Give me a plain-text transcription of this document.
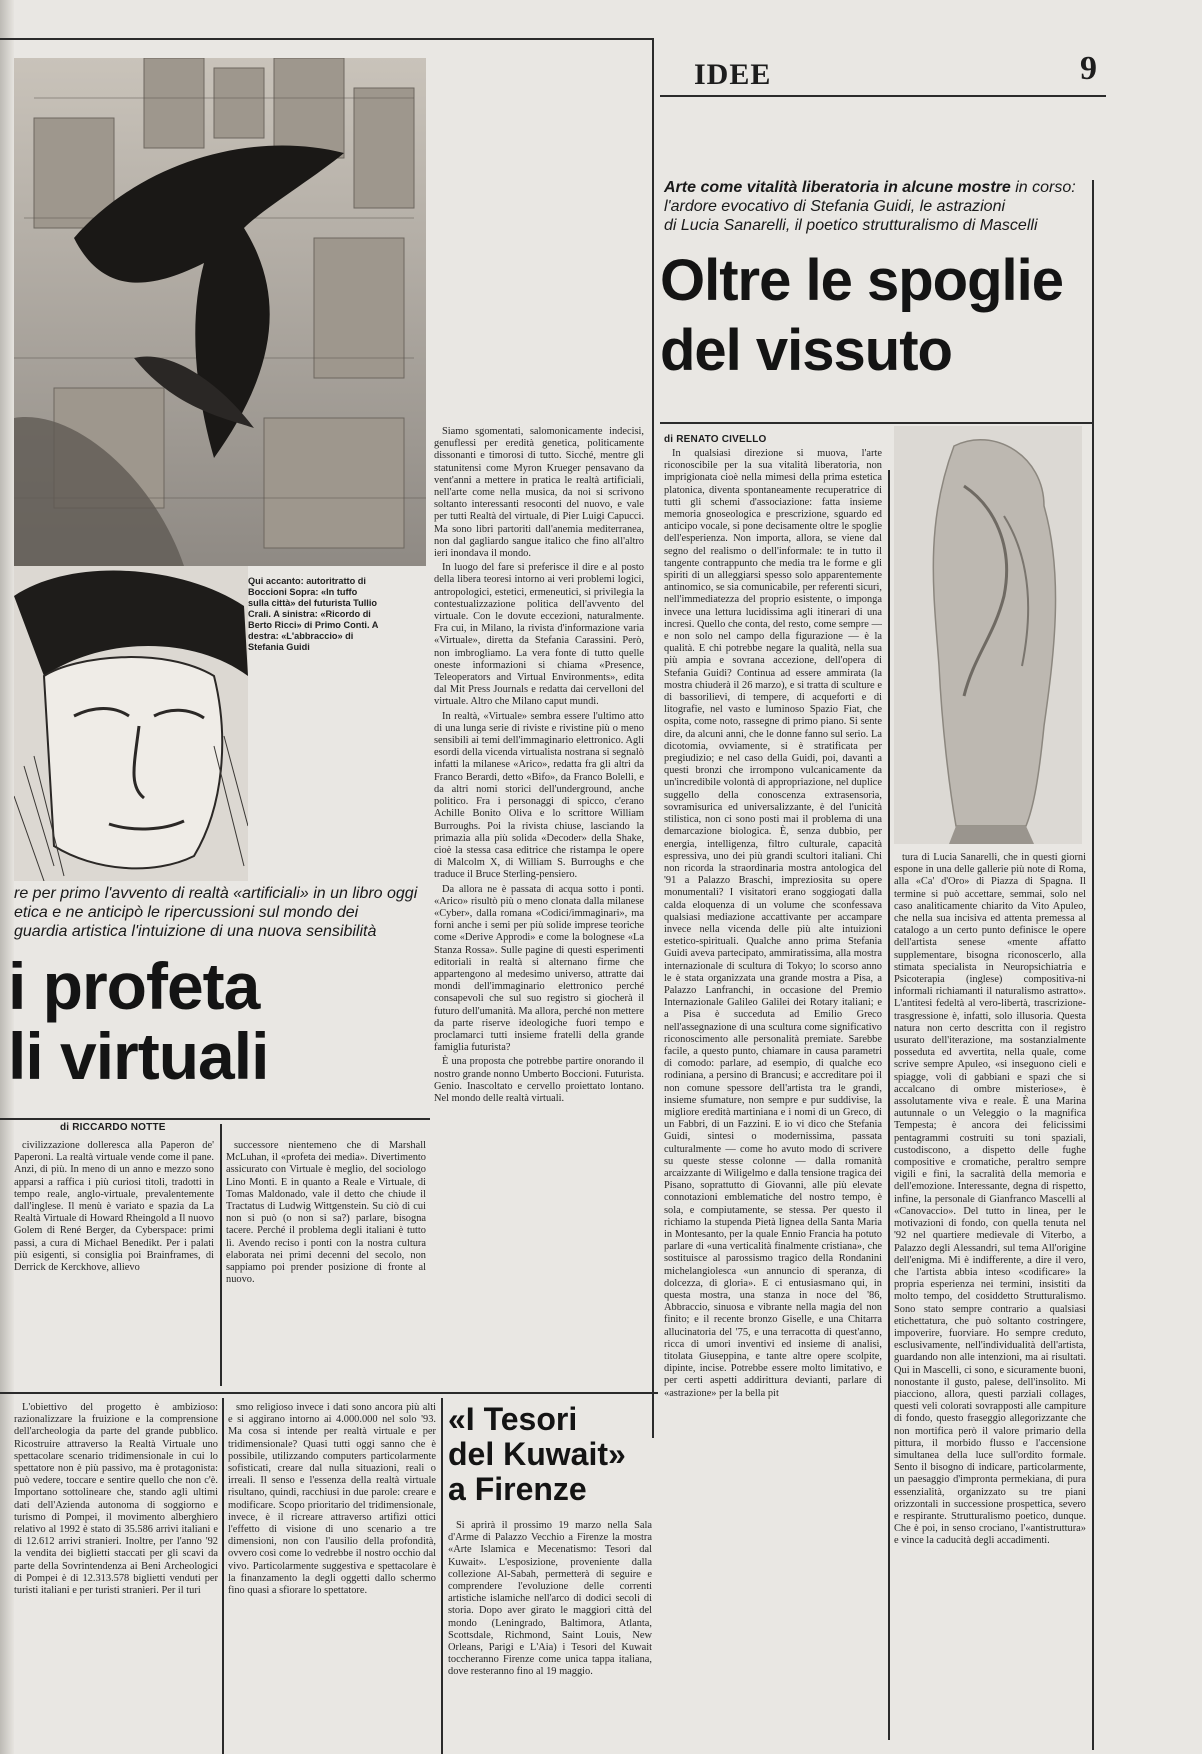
IDEE	9
Qui accanto: autoritratto di Boccioni Sopra: «In tuffo sulla città» del futurista Tullio Crali. A sinistra: «Ricordo di Berto Ricci» di Primo Conti. A destra: «L'abbraccio» di Stefania Guidi
re per primo l'avvento di realtà «artificiali» in un libro oggi
etica e ne anticipò le ripercussioni sul mondo dei
guardia artistica l'intuizione di una nuova sensibilità
i profeta
li virtuali
di RICCARDO NOTTE

civilizzazione dolleresca alla Paperon de' Paperoni. La realtà virtuale vende come il pane. Anzi, di più. In meno di un anno e mezzo sono apparsi a raffica i più curiosi titoli, tradotti in tempo reale, anglo-virtuale, prevalentemente dall'inglese. Il menù è variato e spazia da La Realtà Virtuale di Howard Rheingold a Il nuovo Golem di René Berger, da Cyberspace: primi passi, a cura di Michael Benedikt. Per i palati più esigenti, si consiglia poi Brainframes, di Derrick de Kerckhove, allievo

successore nientemeno che di Marshall McLuhan, il «profeta dei media». Divertimento assicurato con Virtuale è meglio, del sociologo Lino Monti. E in quanto a Reale e Virtuale, di Tomas Maldonado, vale il detto che chiude il Tractatus di Ludwig Wittgenstein. Su ciò di cui non si può (o non si sa?) parlare, bisogna tacere. Perché il problema degli italiani è tutto lì. Avendo reciso i ponti con la nostra cultura elaborata nei primi decenni del secolo, non sappiamo poi prender posizione di fronte al nuovo.

Siamo sgomentati, salomonicamente indecisi, genuflessi per eredità genetica, politicamente dissonanti e timorosi di tutto. Sicché, mentre gli statunitensi come Myron Krueger pensavano da vent'anni a mettere in pratica le realtà artificiali, nell'arte come nella musica, da noi si scrivono soltanto interessanti resoconti del nuovo, e vale per tutti Realtà del virtuale, di Pier Luigi Capucci. Ma sono libri partoriti dall'anemia mediterranea, non dal gagliardo sangue italico che fino all'altro ieri inondava il mondo.

In luogo del fare si preferisce il dire e al posto della libera teoresi intorno ai veri problemi logici, antropologici, estetici, ermeneutici, si privilegia la contestualizzazione politica dell'avvento del virtuale. Con le dovute eccezioni, naturalmente. Fra cui, in Milano, la rivista d'informazione varia «Virtuale», diretta da Stefania Carassini. Però, non imbrogliamo. La vera fonte di tutto quelle oneste informazioni si chiama «Presence, Teleoperators and Virtual Environments», edita dal Mit Press Journals e redatta dai cervelloni del virtuale. Altro che Milano caput mundi.

In realtà, «Virtuale» sembra essere l'ultimo atto di una lunga serie di riviste e rivistine più o meno sensibili ai temi dell'immaginario elettronico. Agli esordi della vicenda virtualista nostrana si segnalò infatti la milanese «Arico», redatta fra gli altri da Franco Berardi, detto «Bifo», da Franco Bolelli, e da altri nomi storici dell'underground, anche politico. Fra i personaggi di spicco, c'erano Achille Bonito Oliva e lo scrittore William Burroughs. Poi la rivista chiuse, lasciando la primazia alla più solida «Decoder» della Shake, cioè la stessa casa editrice che ristampa le opere di Malcolm X, di William S. Burroughs e che traduce il Bruce Sterling-pensiero.

Da allora ne è passata di acqua sotto i ponti. «Arico» risultò più o meno clonata dalla milanese «Cyber», dalla romana «Codici/immaginari», ma fornì anche i semi per più solide imprese teoriche come «Derive Approdi» e come la bolognese «La Stanza Rossa». Sulle pagine di questi esperimenti editoriali in realtà si alternano firme che appartengono al medesimo universo, attratte dai mondi dell'immaginario elettronico perché consapevoli che sul suo registro si giocherà il futuro dell'umanità. Ma allora, perché non mettere da parte riserve ideologiche fuori tempo e proclamarci tutti insieme fratelli della grande famiglia futurista?

È una proposta che potrebbe partire onorando il nostro grande nonno Umberto Boccioni. Futurista. Genio. Inascoltato e cervello proiettato lontano. Nel mondo delle realtà virtuali.

L'obiettivo del progetto è ambizioso: razionalizzare la fruizione e la comprensione dell'archeologia da parte del grande pubblico. Ricostruire attraverso la Realtà Virtuale uno spettacolare scenario tridimensionale in cui lo spettatore non è più passivo, ma è protagonista: può vedere, toccare e sentire quello che non c'è. Importano sottolineare che, stando agli ultimi dati dell'Azienda autonoma di soggiorno e turismo di Pompei, il movimento alberghiero relativo al 1992 è stato di 35.586 arrivi italiani e di 12.612 arrivi stranieri. Inoltre, per l'anno '92 la vendita dei biglietti staccati per gli scavi da parte della Sovrintendenza ai Beni Archeologici di Pompei è di 12.313.578 biglietti venduti per turisti italiani e per turisti stranieri. Per il turi

smo religioso invece i dati sono ancora più alti e si aggirano intorno ai 4.000.000 nel solo '93. Ma cosa si intende per realtà virtuale e per tridimensionale? Quasi tutti oggi sanno che è possibile, utilizzando computers particolarmente sofisticati, creare dal nulla situazioni, reali o irreali. Il senso e l'essenza della realtà virtuale risultano, quindi, racchiusi in due parole: creare e modificare. Scopo prioritario del tridimensionale, invece, è il ricreare attraverso artifizi ottici l'effetto di visione di uno scenario a tre dimensioni, non con l'ausilio della profondità, ovvero così come lo vedrebbe il nostro occhio dal vivo. Particolarmente suggestiva e spettacolare è la finanzamento la degli oggetti dallo schermo fino quasi a sfiorare lo spettatore.

«I Tesori
del Kuwait»
a Firenze

Si aprirà il prossimo 19 marzo nella Sala d'Arme di Palazzo Vecchio a Firenze la mostra «Arte Islamica e Mecenatismo: Tesori dal Kuwait». L'esposizione, proveniente dalla collezione Al-Sabah, permetterà di seguire e comprendere l'evoluzione delle correnti artistiche islamiche nell'arco di dodici secoli di storia. Dopo aver girato le maggiori città del mondo (Leningrado, Baltimora, Atlanta, Scottsdale, Richmond, Saint Louis, New Orleans, Parigi e L'Aia) i Tesori del Kuwait toccheranno Firenze come unica tappa italiana, dove resteranno fino al 19 maggio.

Arte come vitalità liberatoria in alcune mostre in corso:
l'ardore evocativo di Stefania Guidi, le astrazioni
di Lucia Sanarelli, il poetico strutturalismo di Mascelli
Oltre le spoglie
del vissuto
di RENATO CIVELLO

In qualsiasi direzione si muova, l'arte riconoscibile per la sua vitalità liberatoria, non imprigionata cioè nella mimesi della prima estetica platonica, diventa spontaneamente recuperatrice di tutti gli schemi d'associazione: fatta insieme memoria gnoseologica e prescrizione, sguardo ed anticipo vocale, si pone decisamente oltre le spoglie dell'esperienza. Non importa, allora, se viene dal segno del realismo o dell'informale: te in tutto il tangente contrappunto che media tra le forme e gli spiriti di un alleggiarsi spesso solo apparentemente antinomico, se sia comunicabile, per referenti sicuri, nell'immediatezza del proprio esistente, o imponga invece una lettura lucidissima agli itinerari di una incresi. Quello che conta, del resto, come sempre — e non solo nel campo della figurazione — è la qualità. E chi potrebbe negare la qualità, nella sua più ampia e sovrana accezione, dell'opera di Stefania Guidi? Continua ad essere ammirata (la mostra chiuderà il 26 marzo), e si tratta di sculture e di bassorilievi, di tempere, di acqueforti e di litografie, nel vasto e luminoso Spazio Fiat, che ospita, come noto, rassegne di primo piano. Si sente dire, da alcuni anni, che le donne fanno sul serio. La dicotomia, ovviamente, si è stratificata per pregiudizio; e nel caso della Guidi, poi, davanti a questi bronzi che irrompono vulcanicamente da un'incredibile volontà di appropriazione, nel duplice suggello della conoscenza extrasensoria, sovramisurica ed universalizzante, è del l'unicità stilistica, non ci sono posti mai il problema di una demarcazione biologica. È, senza dubbio, per energia, intelligenza, filtro culturale, capacità espressiva, uno dei più grandi scultori italiani. Chi non ricorda la straordinaria mostra antologica del '91 a Palazzo Braschi, impreziosita su opere monumentali? I visitatori erano soggiogati dalla calda eloquenza di un volume che sconfessava qualsiasi mediazione accattivante per accampare invece nella vicenda delle più alte intuizioni estetico-spirituali. Qualche anno prima Stefania Guidi aveva partecipato, ammiratissima, alla mostra internazionale di scultura di Tokyo; lo scorso anno le è stata organizzata una grande mostra a Pisa, a Palazzo Lanfranchi, in occasione del Premio Internazionale Galileo Galilei dei Rotary italiani; e a Pisa è succeduta ad Emilio Greco nell'assegnazione di una scultura come significativo riconoscimento alle personalità premiate. Sarebbe facile, a questo punto, chiamare in causa parametri di comodo: parlare, ad esempio, di qualche eco rodiniana, a persino di Brancusi; e accreditare poi il non comune spessore dell'artista tra le grandi, insieme sfumature, non sempre e pur suddivise, la migliore eredità martiniana e i nomi di un Greco, di un Fabbri, di un Fazzini. E io vi dico che Stefania Guidi, sintesi o modernissima, passata culturalmente — come ho avuto modo di scrivere su queste stesse colonne — dalla romanità arcaizzante di Wiligelmo e dalla tensione tragica dei Pisano, soprattutto di Giovanni, alle più elevate connotazioni emblematiche del nostro tempo, è sola, e compiutamente, se stessa. Per questo il richiamo la stupenda Pietà lignea della Santa Maria in Montesanto, per la quale Ennio Francia ha potuto parlare di «una verticalità finalmente cristiana», che sostituisce al parossismo tragico della Rondanini michelangiolesca «un annuncio di speranza, di dolcezza, di gloria». E ci entusiasmano qui, in questa mostra, una stanza in noce del '86, Abbraccio, sinuosa e vibrante nella magia del non finito; e il recente bronzo Giselle, e una Chitarra allucinatoria del '75, e una terracotta di quest'anno, ricca di umori inventivi ed insieme di analisi, titolata Giuseppina, e tante altre opere scolpite, dipinte, incise. Potrebbe essere molto limitativo, e per certi aspetti addirittura devianti, parlare di «astrazione» per la bella pit

tura di Lucia Sanarelli, che in questi giorni espone in una delle gallerie più note di Roma, alla «Ca' d'Oro» di Piazza di Spagna. Il termine si può accettare, semmai, solo nel caso analiticamente chiarito da Vito Apuleo, che nella sua incisiva ed attenta premessa al catalogo a un certo punto definisce le opere dell'artista senese «mente affatto supplementare, bisogna riconoscerlo, alla stimata specialista in Neuropsichiatria e Psicoterapia (inglese) compositiva-ni informali richiamanti il naturalismo astratto». L'antitesi fedeltà al vero-libertà, trascrizione-trasgressione è, infatti, solo illusoria. Questa natura non certo descritta con il registro usurato dell'iterazione, ma sostanzialmente posseduta ed avvertita, nella quale, come scrive sempre Apuleo, «si inseguono cieli e spiagge, voli di gabbiani e spazi che si accalcano di ombre misteriose», è assolutamente viva e reale. È una Marina autunnale o un Veleggio o la magnifica Tempesta; è ancora dei felicissimi pentagrammi costruiti su toni spaziali, custodiscono, a dispetto delle fughe compositive e cromatiche, peraltro sempre vigili e fini, la sacralità della memoria e dell'emozione. Interessante, degna di rispetto, infine, la personale di Gianfranco Mascelli al «Canovaccio». Del tutto in linea, per le motivazioni di fondo, con quella tenuta nel '92 nel quartiere medievale di Viterbo, a Palazzo degli Alessandri, sul tema All'origine dell'enigma. Mi è indifferente, a dire il vero, che l'artista abbia inteso «codificare» la propria esperienza nei termini, insistiti da molto tempo, del cosiddetto Strutturalismo. Sono stato sempre contrario a qualsiasi etichettatura, che può soltanto costringere, impoverire, fuorviare. Ho sempre creduto, esclusivamente, nell'individualità dell'artista, guardando non alle intenzioni, ma ai risultati. Qui in Mascelli, ci sono, e sicuramente buoni, nonostante il gusto, palese, dell'insolito. Mi piacciono, allora, questi parziali collages, questi veli colorati sovrapposti alle campiture di fondo, questo fraseggio allegorizzante che non mortifica però il valore primario della pittura, il morbido flusso e l'accensione simultanea della luce sull'ordito formale. Sento il bisogno di indicare, particolarmente, un paesaggio d'impronta permekiana, di pura essenzialità, organizzato su tre piani orizzontali in successione prospettica, severo e respirante. Strutturalismo poetico, dunque. Che è poi, in senso crociano, l'«antistruttura» e vince la caducità degli accadimenti.
